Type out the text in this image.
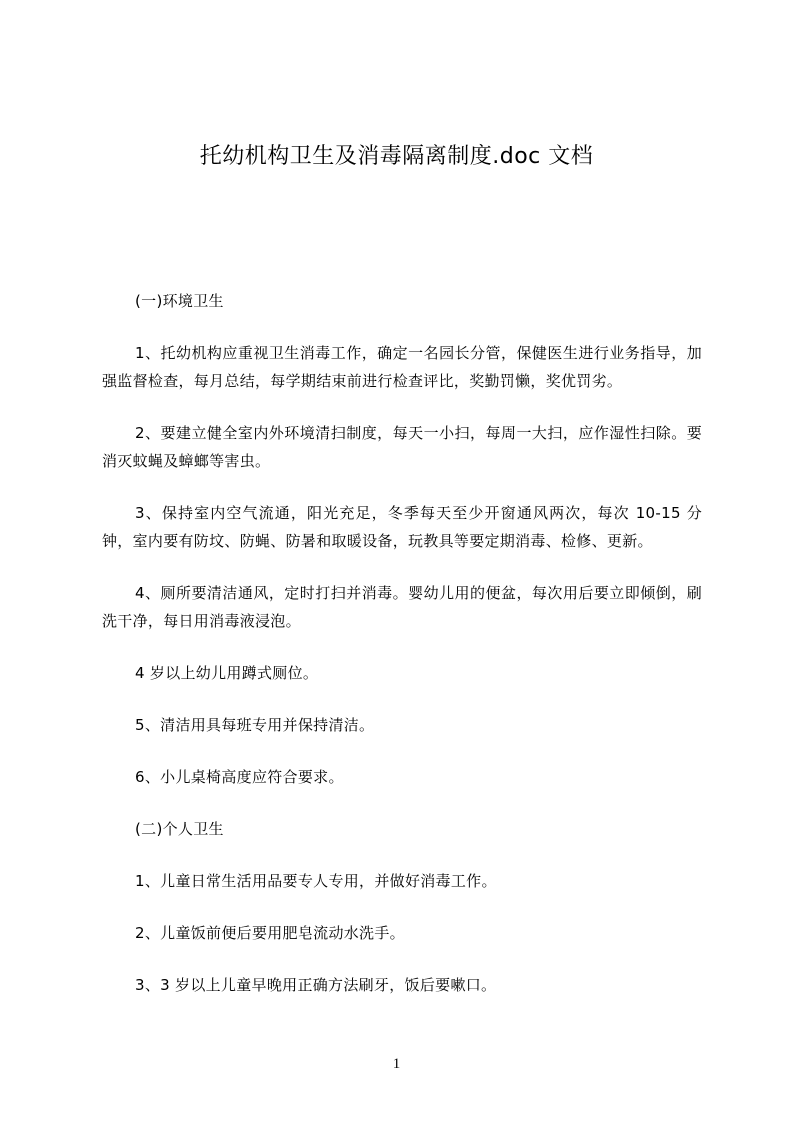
托幼机构卫生及消毒隔离制度.doc 文档

(一)环境卫生

1、托幼机构应重视卫生消毒工作，确定一名园长分管，保健医生进行业务指导，加强监督检查，每月总结，每学期结束前进行检查评比，奖勤罚懒，奖优罚劣。

2、要建立健全室内外环境清扫制度，每天一小扫，每周一大扫，应作湿性扫除。要消灭蚊蝇及蟑螂等害虫。

3、保持室内空气流通，阳光充足，冬季每天至少开窗通风两次，每次 10-15 分钟，室内要有防坟、防蝇、防暑和取暖设备，玩教具等要定期消毒、检修、更新。

4、厕所要清洁通风，定时打扫并消毒。婴幼儿用的便盆，每次用后要立即倾倒，刷洗干净，每日用消毒液浸泡。

4 岁以上幼儿用蹲式厕位。

5、清洁用具每班专用并保持清洁。

6、小儿桌椅高度应符合要求。

(二)个人卫生

1、儿童日常生活用品要专人专用，并做好消毒工作。

2、儿童饭前便后要用肥皂流动水洗手。

3、3 岁以上儿童早晚用正确方法刷牙，饭后要嗽口。

1
